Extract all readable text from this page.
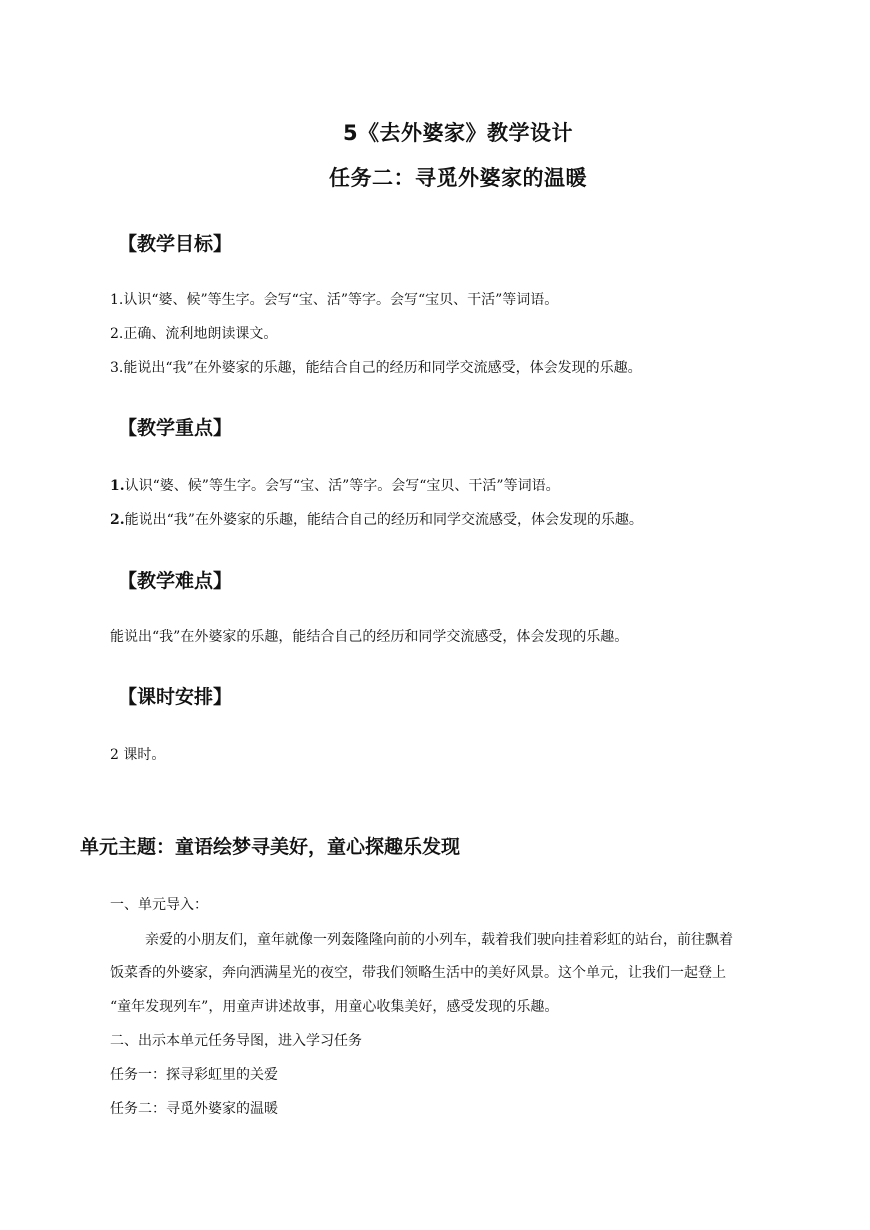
5《去外婆家》教学设计
任务二：寻觅外婆家的温暖
【教学目标】
1.认识“婆、候”等生字。会写“宝、活”等字。会写“宝贝、干活”等词语。
2.正确、流利地朗读课文。
3.能说出“我”在外婆家的乐趣，能结合自己的经历和同学交流感受，体会发现的乐趣。
【教学重点】
1.认识“婆、候”等生字。会写“宝、活”等字。会写“宝贝、干活”等词语。
2.能说出“我”在外婆家的乐趣，能结合自己的经历和同学交流感受，体会发现的乐趣。
【教学难点】
能说出“我”在外婆家的乐趣，能结合自己的经历和同学交流感受，体会发现的乐趣。
【课时安排】
2 课时。
单元主题：童语绘梦寻美好，童心探趣乐发现
一、单元导入：
亲爱的小朋友们，童年就像一列轰隆隆向前的小列车，载着我们驶向挂着彩虹的站台，前往飘着
饭菜香的外婆家，奔向洒满星光的夜空，带我们领略生活中的美好风景。这个单元，让我们一起登上
“童年发现列车”，用童声讲述故事，用童心收集美好，感受发现的乐趣。
二、出示本单元任务导图，进入学习任务
任务一：探寻彩虹里的关爱
任务二：寻觅外婆家的温暖
